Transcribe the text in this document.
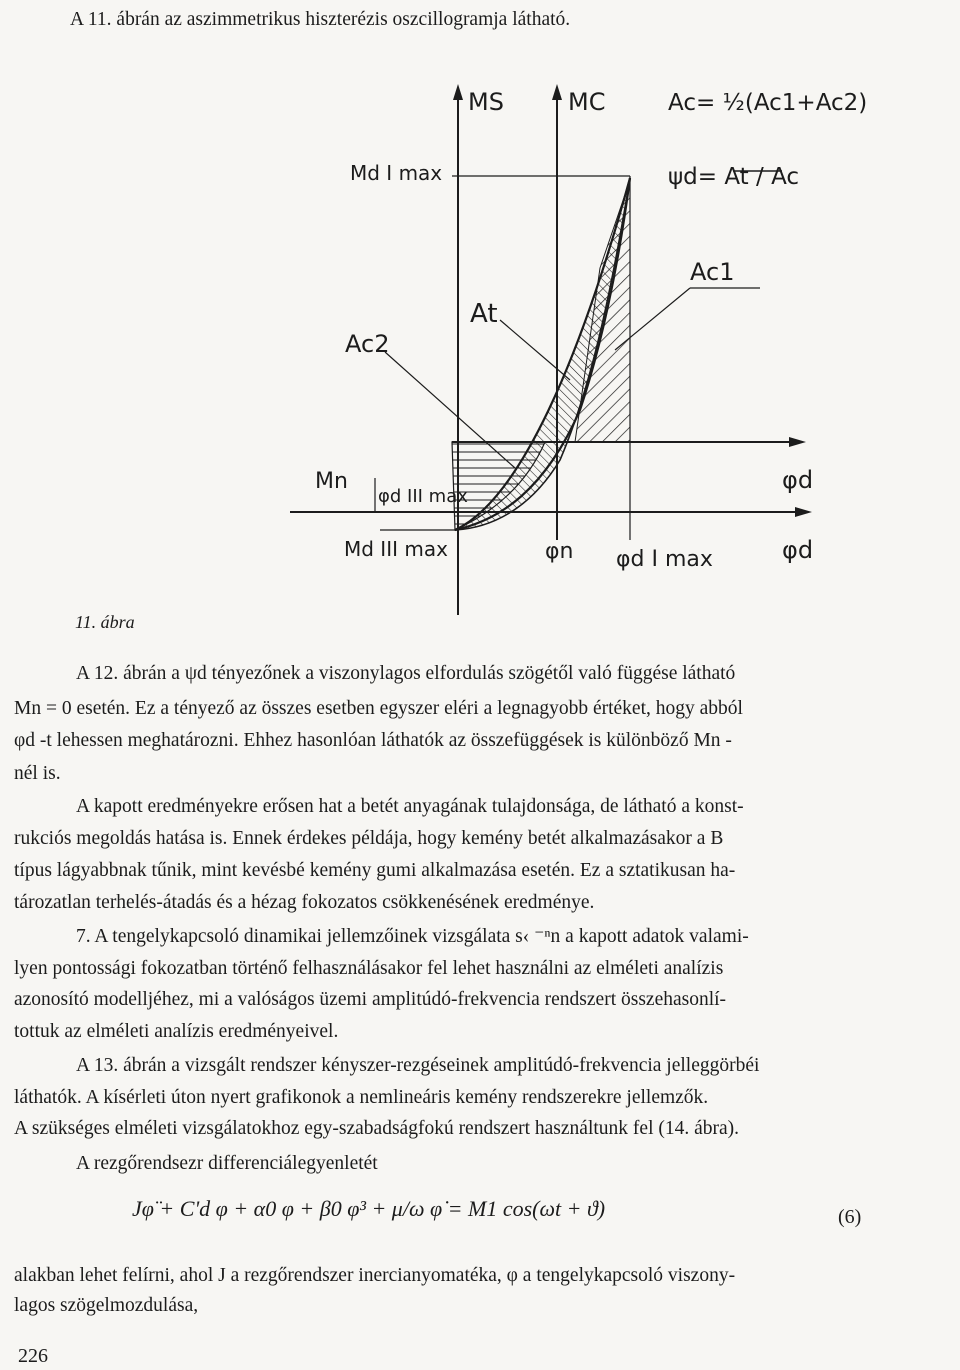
A 11. ábrán az aszimmetrikus hiszterézis oszcillogramja látható.
MS	MC	Ac= ½(Ac1+Ac2)
ψd= At / Ac
Md I max
Ac1
At
Ac2
Mn
φd III max
Md III max	φn φd I max
φd
φd
11. ábra
A 12. ábrán a ψd tényezőnek a viszonylagos elfordulás szögétől való függése látható
Mn = 0 esetén. Ez a tényező az összes esetben egyszer eléri a legnagyobb értéket, hogy abból
φd -t lehessen meghatározni. Ehhez hasonlóan láthatók az összefüggések is különböző Mn -
nél is.
A kapott eredményekre erősen hat a betét anyagának tulajdonsága, de látható a konst-
rukciós megoldás hatása is. Ennek érdekes példája, hogy kemény betét alkalmazásakor a B
típus lágyabbnak tűnik, mint kevésbé kemény gumi alkalmazása esetén. Ez a sztatikusan ha-
tározatlan terhelés-átadás és a hézag fokozatos csökkenésének eredménye.
7. A tengelykapcsoló dinamikai jellemzőinek vizsgálata s‹ ⁻ⁿn a kapott adatok valami-
lyen pontossági fokozatban történő felhasználásakor fel lehet használni az elméleti analízis
azonosító modelljéhez, mi a valóságos üzemi amplitúdó-frekvencia rendszert összehasonlí-
tottuk az elméleti analízis eredményeivel.
A 13. ábrán a vizsgált rendszer kényszer-rezgéseinek amplitúdó-frekvencia jelleggörbéi
láthatók. A kísérleti úton nyert grafikonok a nemlineáris kemény rendszerekre jellemzők.
A szükséges elméleti vizsgálatokhoz egy-szabadságfokú rendszert használtunk fel (14. ábra).
A rezgőrendsezr differenciálegyenletét
Jφ̈ + C'd φ + α0 φ + β0 φ³ + μ/ω φ̇ = M1 cos(ωt + ϑ)	(6)
alakban lehet felírni, ahol J a rezgőrendszer inercianyomatéka, φ a tengelykapcsoló viszony-
lagos szögelmozdulása,
226
